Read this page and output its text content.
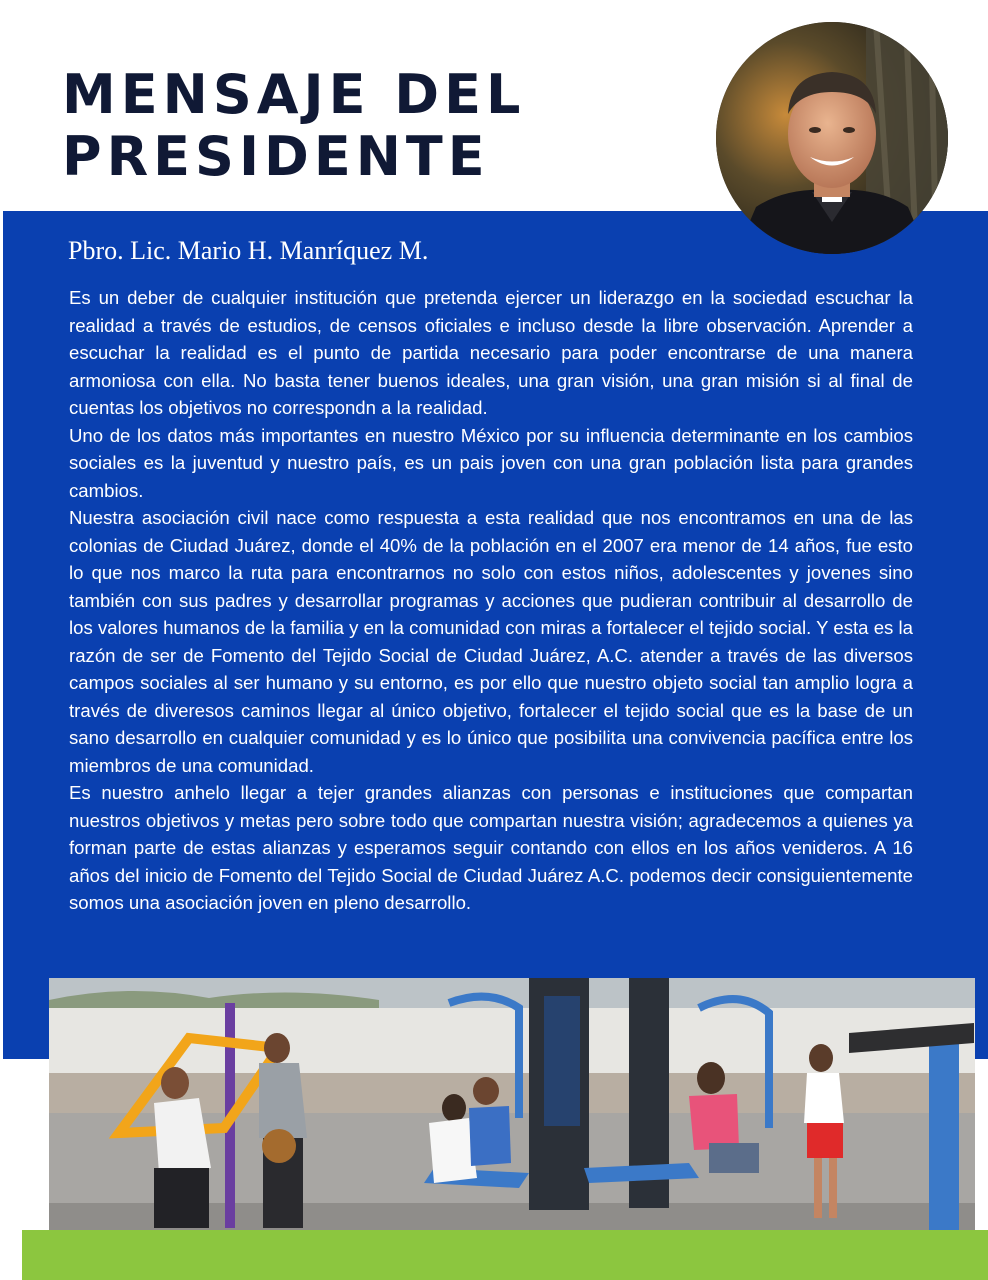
MENSAJE DEL
PRESIDENTE
Pbro. Lic. Mario H. Manríquez M.

Es un deber de cualquier institución que pretenda ejercer un liderazgo en la sociedad escuchar la realidad a través de estudios, de censos oficiales e incluso desde la libre observación. Aprender a escuchar la realidad es el punto de partida necesario para poder encontrarse de una manera armoniosa con ella. No basta tener buenos ideales, una gran visión, una gran misión si al final de cuentas los objetivos no correspondn a la realidad.

Uno de los datos más importantes en nuestro México por su influencia determinante en los cambios sociales es la juventud y nuestro país, es un pais joven con una gran población lista para grandes cambios.

Nuestra asociación civil nace como respuesta a esta realidad que nos encontramos en una de las colonias de Ciudad Juárez, donde el 40% de la población en el 2007 era menor de 14 años, fue esto lo que nos marco la ruta para encontrarnos no solo con estos niños, adolescentes y jovenes sino también con sus padres y desarrollar programas y acciones que pudieran contribuir al desarrollo de los valores humanos de la familia y en la comunidad con miras a fortalecer el tejido social. Y esta es la razón de ser de Fomento del Tejido Social de Ciudad Juárez, A.C. atender a través de las diversos campos sociales al ser humano y su entorno, es por ello que nuestro objeto social tan amplio logra a través de diveresos caminos llegar al único objetivo, fortalecer el tejido social que es la base de un sano desarrollo en cualquier comunidad y es lo único que posibilita una convivencia pacífica entre los miembros de una comunidad.

Es nuestro anhelo llegar a tejer grandes alianzas con personas e instituciones que compartan nuestros objetivos y metas pero sobre todo que compartan nuestra visión; agradecemos a quienes ya forman parte de estas alianzas y esperamos seguir contando con ellos en los años venideros. A 16 años del inicio de Fomento del Tejido Social de Ciudad Juárez A.C. podemos decir consiguientemente somos una asociación joven en pleno desarrollo.
